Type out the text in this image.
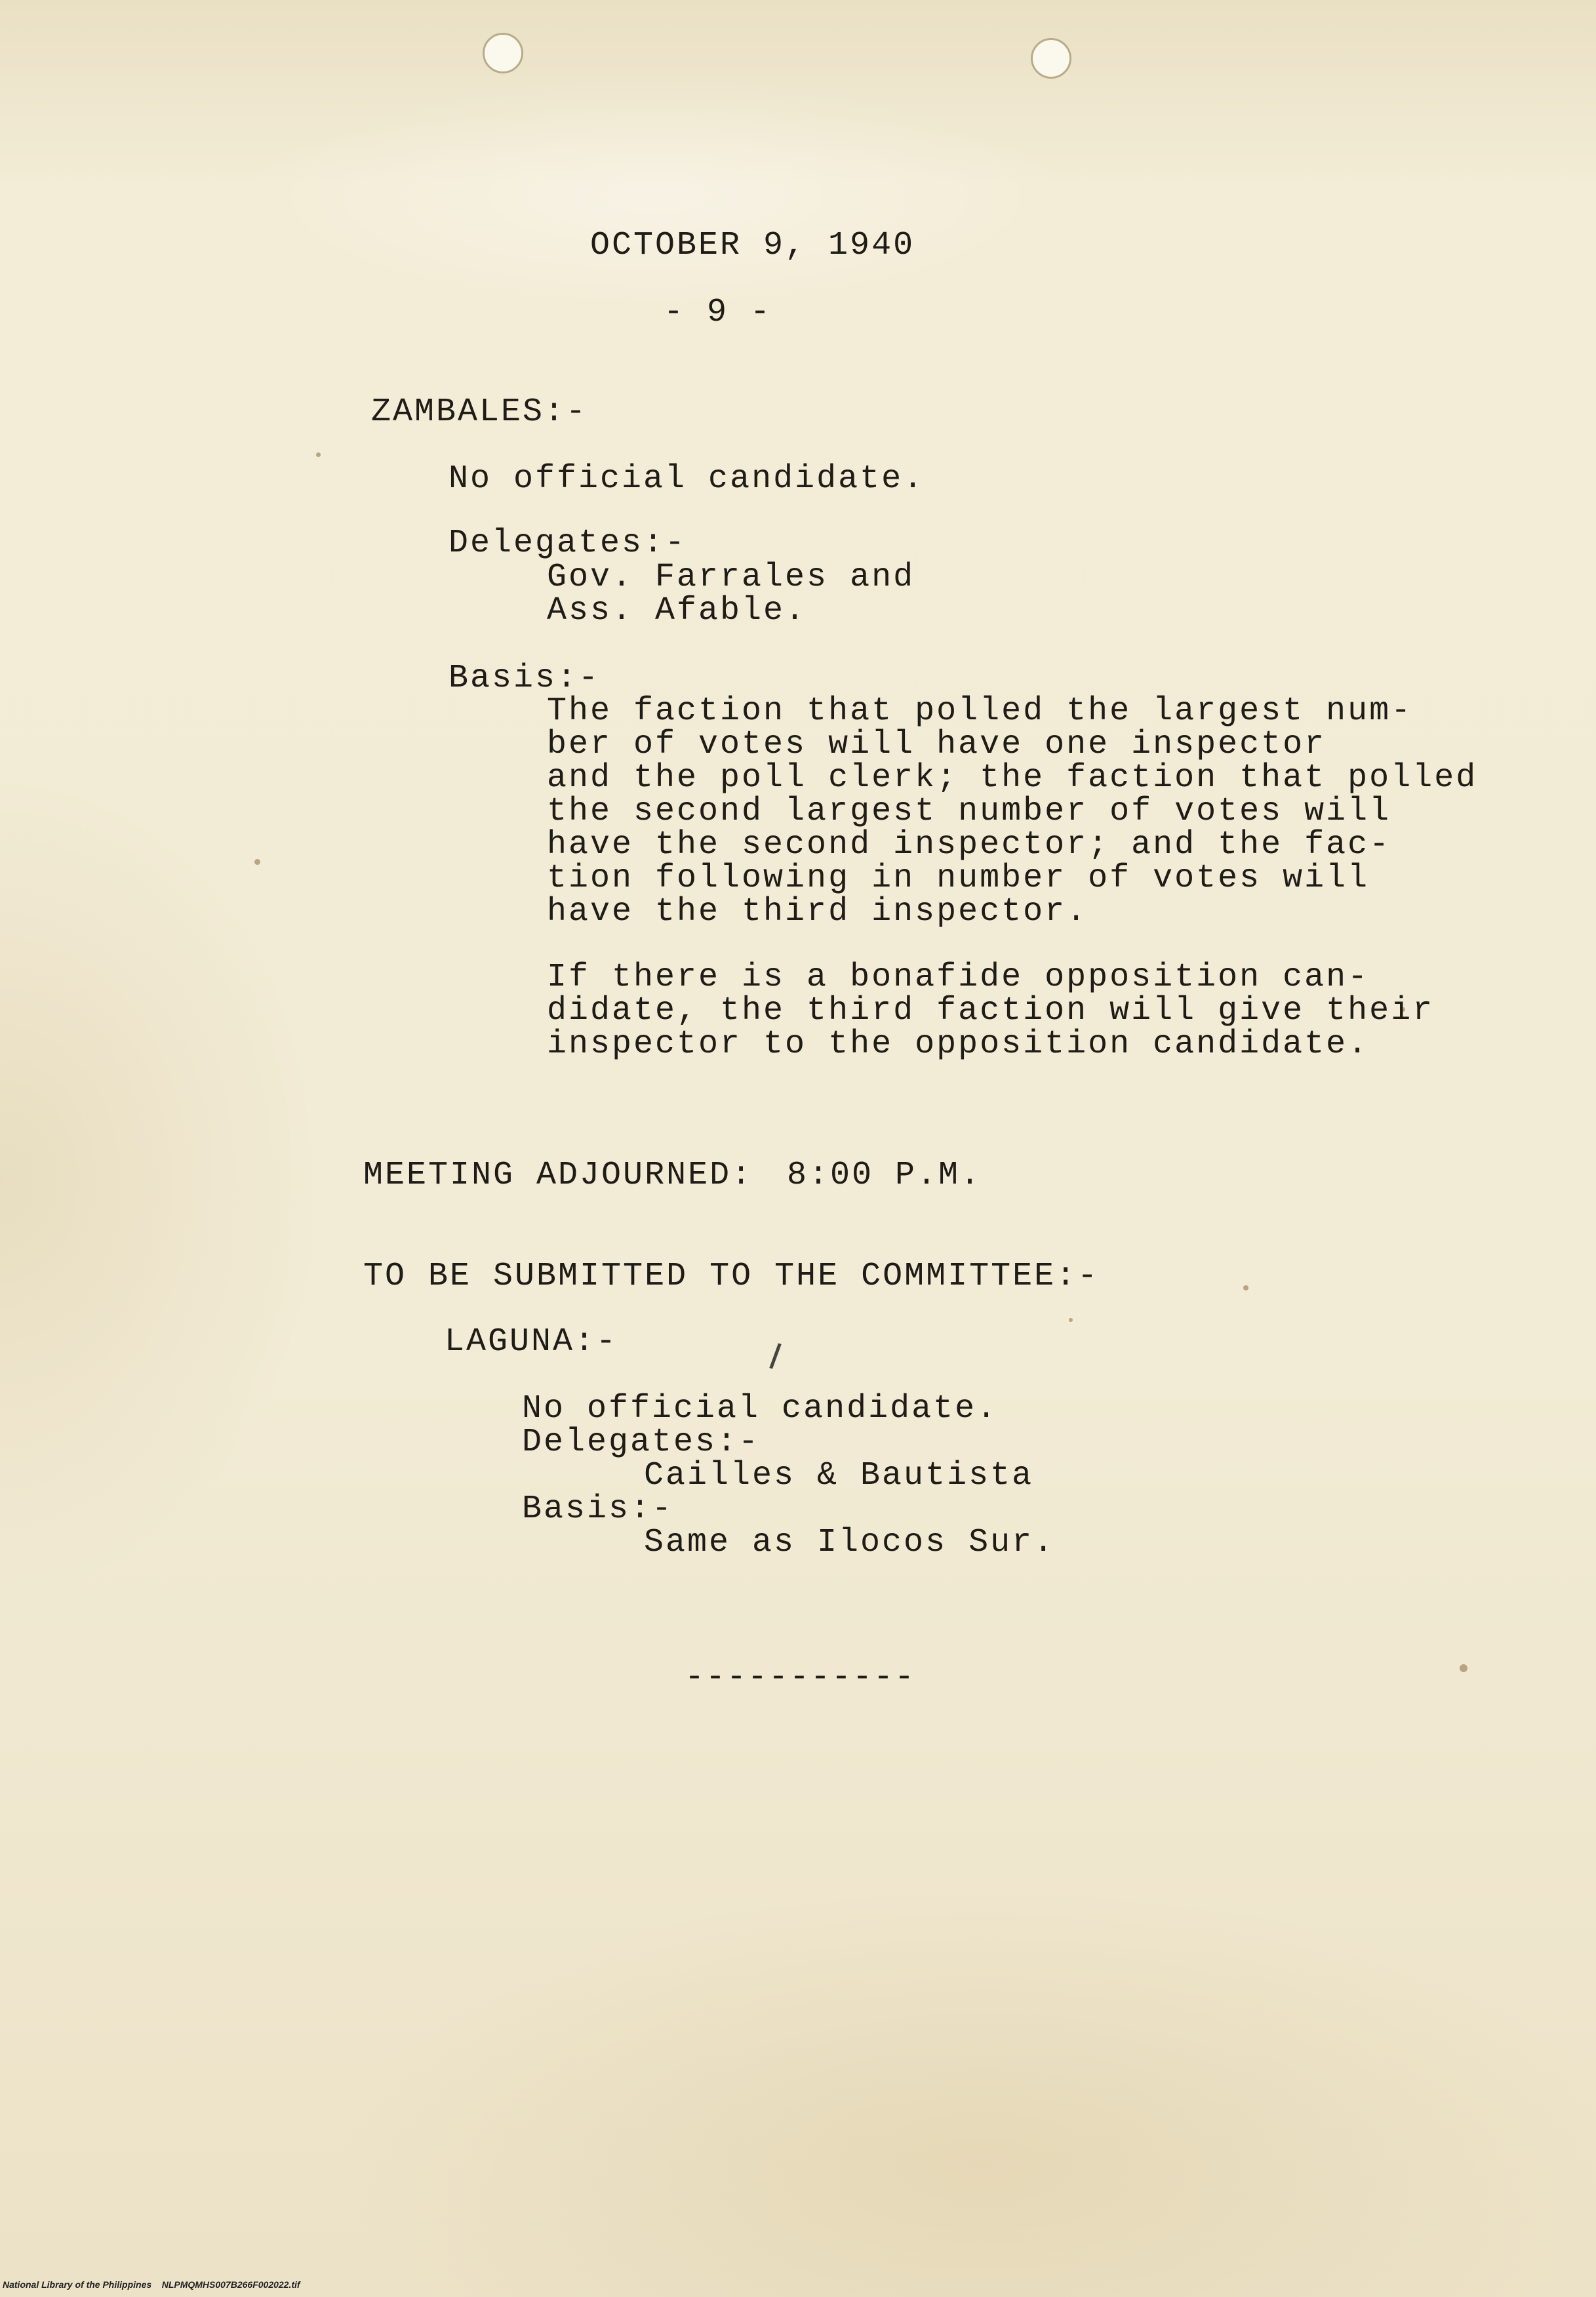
OCTOBER 9, 1940
- 9 -
ZAMBALES:-
No official candidate.
Delegates:-
Gov. Farrales and
Ass. Afable.
Basis:-
The faction that polled the largest num-
ber of votes will have one inspector
and the poll clerk; the faction that polled
the second largest number of votes will
have the second inspector; and the fac-
tion following in number of votes will
have the third inspector.
If there is a bonafide opposition can-
didate, the third faction will give their
inspector to the opposition candidate.
MEETING ADJOURNED: 8:00 P.M.
TO BE SUBMITTED TO THE COMMITTEE:-
LAGUNA:-
No official candidate.
Delegates:-
Cailles & Bautista
Basis:-
Same as Ilocos Sur.
-----------
National Library of the Philippines NLPMQMHS007B266F002022.tif
